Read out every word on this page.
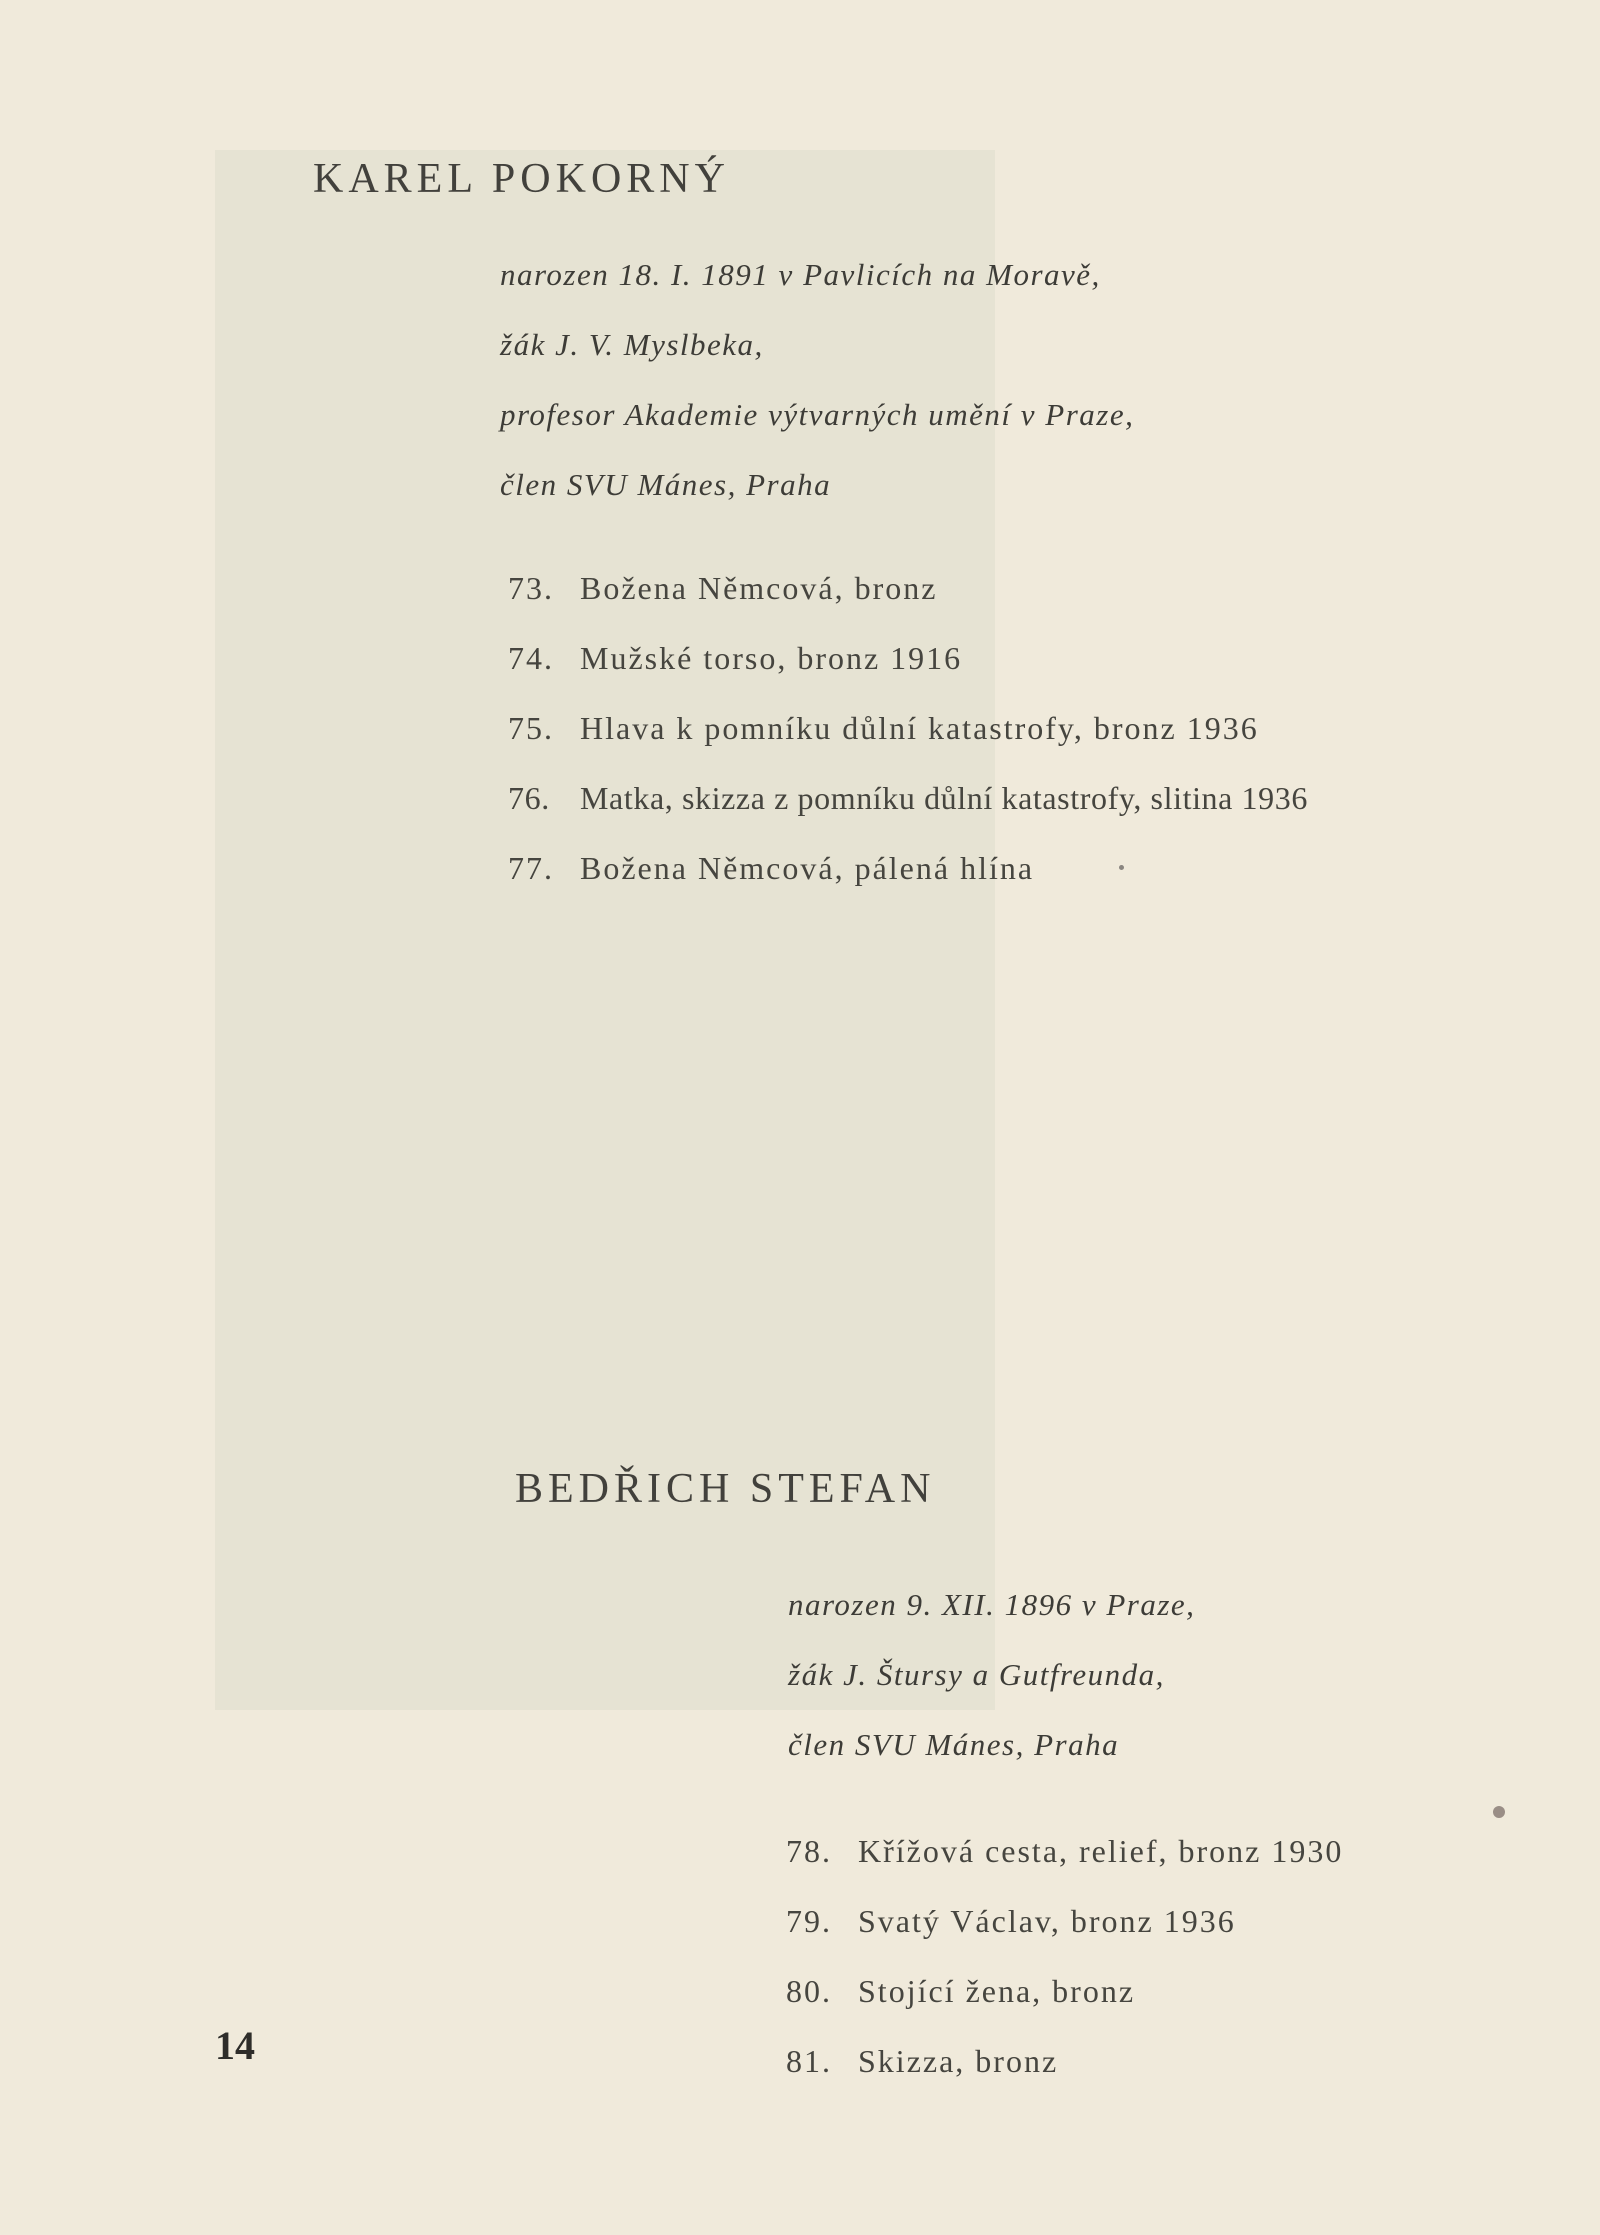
KAREL POKORNÝ
narozen 18. I. 1891 v Pavlicích na Moravě,
žák J. V. Myslbeka,
profesor Akademie výtvarných umění v Praze,
člen SVU Mánes, Praha
73. Božena Němcová, bronz
74. Mužské torso, bronz 1916
75. Hlava k pomníku důlní katastrofy, bronz 1936
76. Matka, skizza z pomníku důlní katastrofy, slitina 1936
77. Božena Němcová, pálená hlína
BEDŘICH STEFAN
narozen 9. XII. 1896 v Praze,
žák J. Štursy a Gutfreunda,
člen SVU Mánes, Praha
78. Křížová cesta, relief, bronz 1930
79. Svatý Václav, bronz 1936
80. Stojící žena, bronz
81. Skizza, bronz
14
